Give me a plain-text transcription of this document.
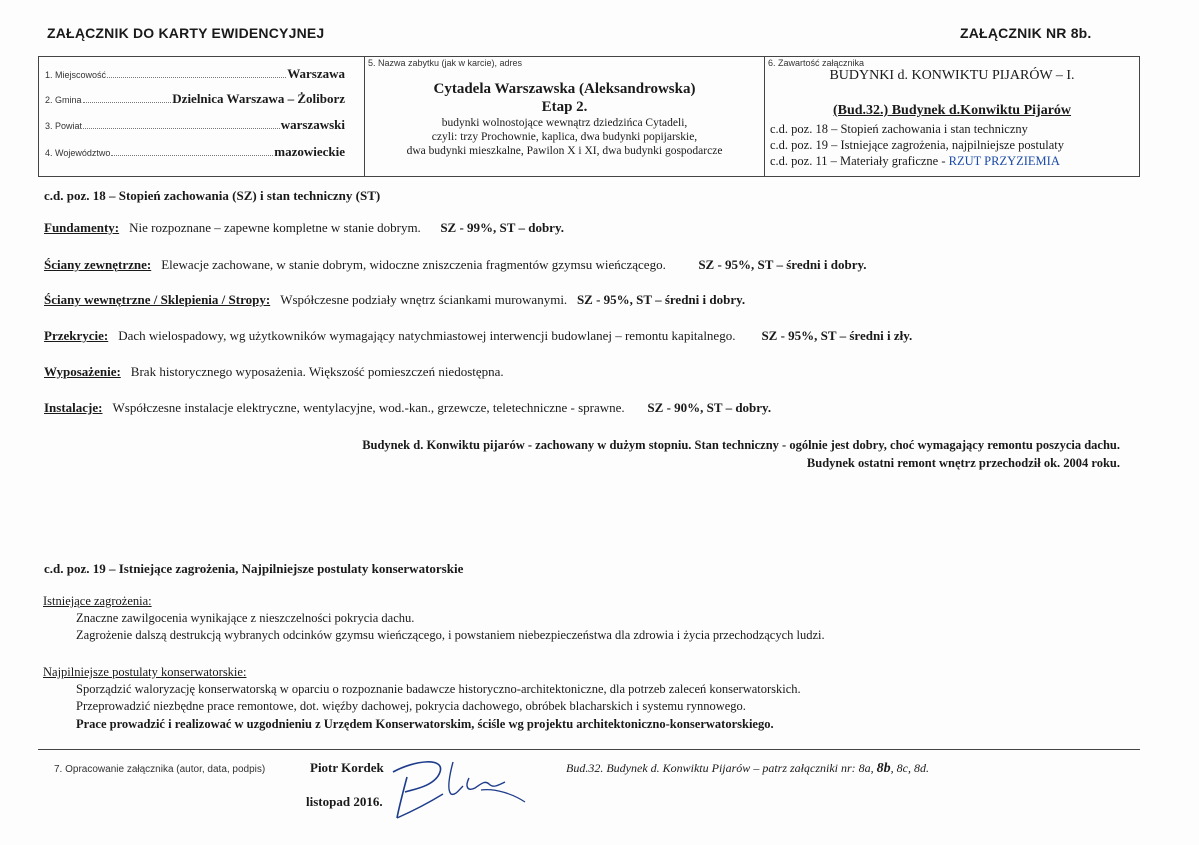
ZAŁĄCZNIK DO KARTY EWIDENCYJNEJ	ZAŁĄCZNIK NR 8b.
1. Miejscowość	Warszawa
2. Gmina	Dzielnica Warszawa – Żoliborz
3. Powiat	warszawski
4. Województwo	mazowieckie
5. Nazwa zabytku (jak w karcie), adres
Cytadela Warszawska (Aleksandrowska)
Etap 2.
budynki wolnostojące wewnątrz dziedzińca Cytadeli,
czyli: trzy Prochownie, kaplica, dwa budynki popijarskie,
dwa budynki mieszkalne, Pawilon X i XI, dwa budynki gospodarcze
6. Zawartość załącznika
BUDYNKI d. KONWIKTU PIJARÓW – I.
(Bud.32.) Budynek d.Konwiktu Pijarów
c.d. poz. 18 – Stopień zachowania i stan techniczny
c.d. poz. 19 – Istniejące zagrożenia, najpilniejsze postulaty
c.d. poz. 11 – Materiały graficzne - RZUT PRZYZIEMIA
c.d. poz. 18 – Stopień zachowania (SZ) i stan techniczny (ST)
Fundamenty: Nie rozpoznane – zapewne kompletne w stanie dobrym. SZ - 99%, ST – dobry.
Ściany zewnętrzne: Elewacje zachowane, w stanie dobrym, widoczne zniszczenia fragmentów gzymsu wieńczącego.	SZ - 95%, ST – średni i dobry.
Ściany wewnętrzne / Sklepienia / Stropy: Współczesne podziały wnętrz ściankami murowanymi. SZ - 95%, ST – średni i dobry.
Przekrycie: Dach wielospadowy, wg użytkowników wymagający natychmiastowej interwencji budowlanej – remontu kapitalnego. SZ - 95%, ST – średni i zły.
Wyposażenie: Brak historycznego wyposażenia. Większość pomieszczeń niedostępna.
Instalacje: Współczesne instalacje elektryczne, wentylacyjne, wod.-kan., grzewcze, teletechniczne - sprawne. SZ - 90%, ST – dobry.
Budynek d. Konwiktu pijarów - zachowany w dużym stopniu. Stan techniczny - ogólnie jest dobry, choć wymagający remontu poszycia dachu.
Budynek ostatni remont wnętrz przechodził ok. 2004 roku.
c.d. poz. 19 – Istniejące zagrożenia, Najpilniejsze postulaty konserwatorskie
Istniejące zagrożenia:
Znaczne zawilgocenia wynikające z nieszczelności pokrycia dachu.
Zagrożenie dalszą destrukcją wybranych odcinków gzymsu wieńczącego, i powstaniem niebezpieczeństwa dla zdrowia i życia przechodzących ludzi.
Najpilniejsze postulaty konserwatorskie:
Sporządzić waloryzację konserwatorską w oparciu o rozpoznanie badawcze historyczno-architektoniczne, dla potrzeb zaleceń konserwatorskich.
Przeprowadzić niezbędne prace remontowe, dot. więźby dachowej, pokrycia dachowego, obróbek blacharskich i systemu rynnowego.
Prace prowadzić i realizować w uzgodnieniu z Urzędem Konserwatorskim, ściśle wg projektu architektoniczno-konserwatorskiego.
7. Opracowanie załącznika (autor, data, podpis)	Piotr Kordek
listopad 2016.
Bud.32. Budynek d. Konwiktu Pijarów – patrz załączniki nr: 8a, 8b, 8c, 8d.
